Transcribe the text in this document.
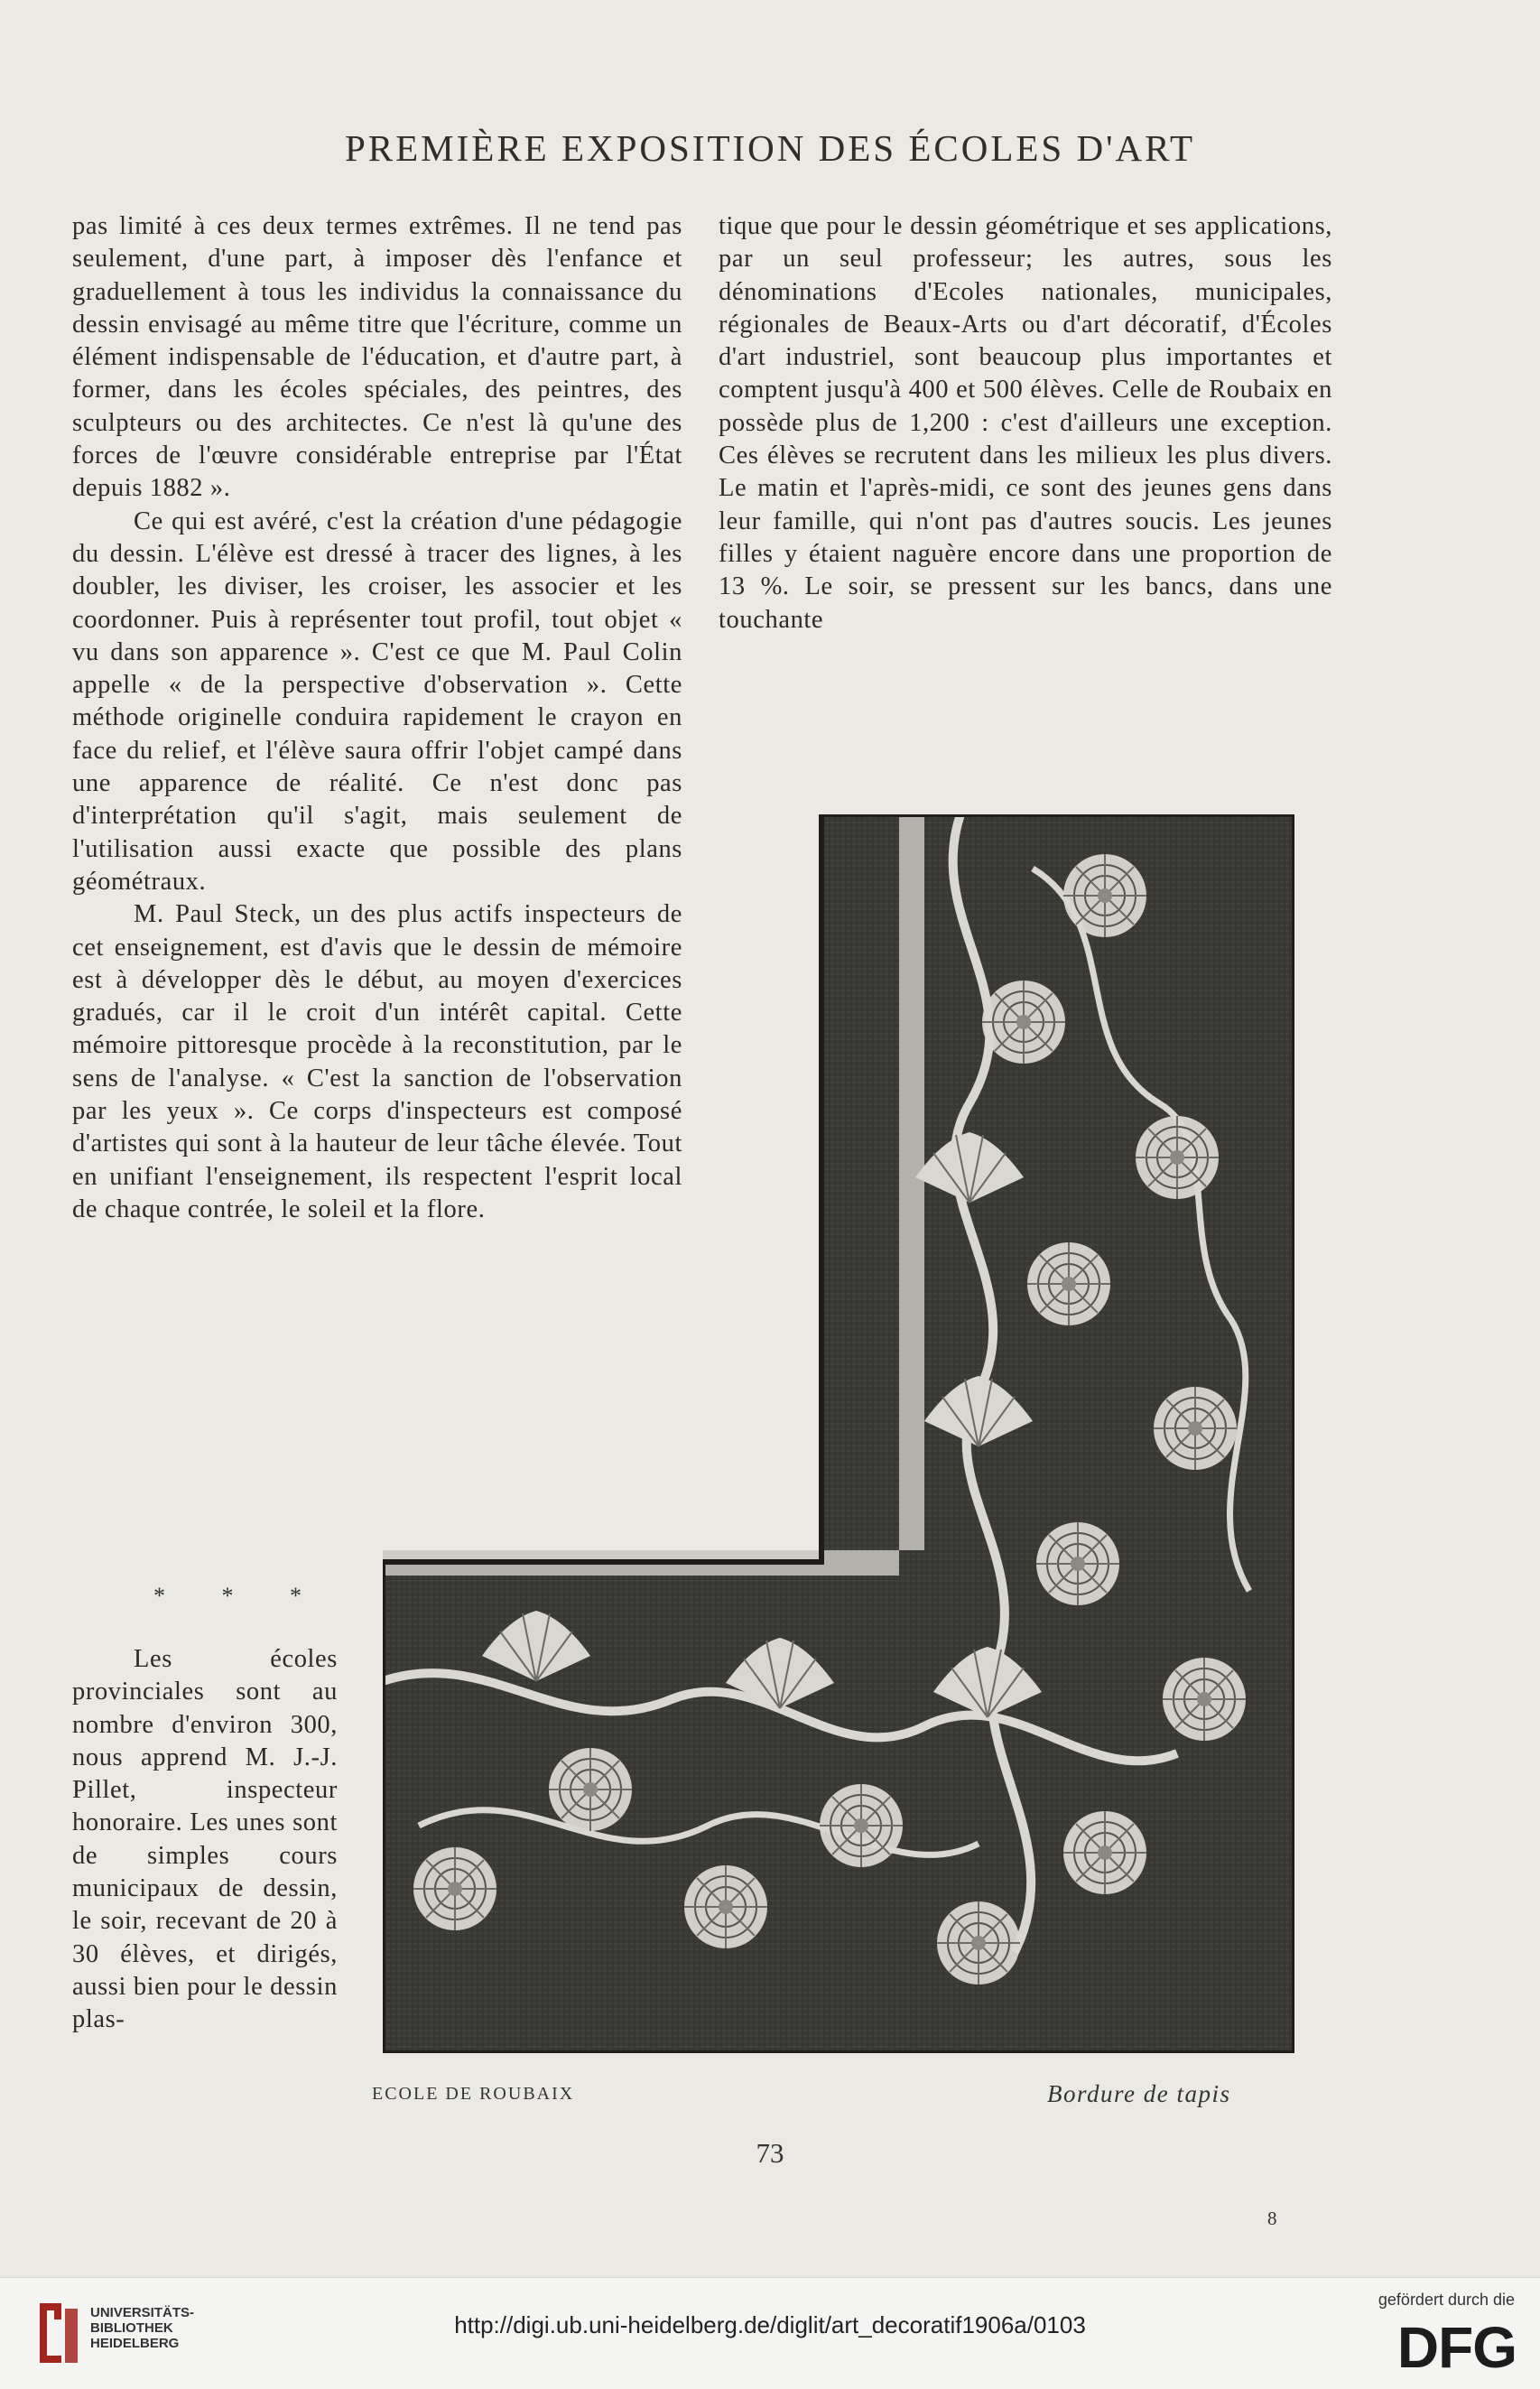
PREMIÈRE EXPOSITION DES ÉCOLES D'ART

pas limité à ces deux termes extrêmes. Il ne tend pas seulement, d'une part, à imposer dès l'enfance et graduellement à tous les individus la connaissance du dessin envisagé au même titre que l'écriture, comme un élément indispensable de l'éducation, et d'autre part, à former, dans les écoles spéciales, des peintres, des sculpteurs ou des architectes. Ce n'est là qu'une des forces de l'œuvre considérable entreprise par l'État depuis 1882 ».

Ce qui est avéré, c'est la création d'une pédagogie du dessin. L'élève est dressé à tracer des lignes, à les doubler, les diviser, les croiser, les associer et les coordonner. Puis à représenter tout profil, tout objet « vu dans son apparence ». C'est ce que M. Paul Colin appelle « de la perspective d'observation ». Cette méthode originelle conduira rapidement le crayon en face du relief, et l'élève saura offrir l'objet campé dans une apparence de réalité. Ce n'est donc pas d'interprétation qu'il s'agit, mais seulement de l'utilisation aussi exacte que possible des plans géométraux.

M. Paul Steck, un des plus actifs inspecteurs de cet enseignement, est d'avis que le dessin de mémoire est à développer dès le début, au moyen d'exercices gradués, car il le croit d'un intérêt capital. Cette mémoire pittoresque procède à la reconstitution, par le sens de l'analyse. « C'est la sanction de l'observation par les yeux ». Ce corps d'inspecteurs est composé d'artistes qui sont à la hauteur de leur tâche élevée. Tout en unifiant l'enseignement, ils respectent l'esprit local de chaque contrée, le soleil et la flore.

* * *

Les écoles provinciales sont au nombre d'environ 300, nous apprend M. J.-J. Pillet, inspecteur honoraire. Les unes sont de simples cours municipaux de dessin, le soir, recevant de 20 à 30 élèves, et dirigés, aussi bien pour le dessin plas-

tique que pour le dessin géométrique et ses applications, par un seul professeur; les autres, sous les dénominations d'Ecoles nationales, municipales, régionales de Beaux-Arts ou d'art décoratif, d'Écoles d'art industriel, sont beaucoup plus importantes et comptent jusqu'à 400 et 500 élèves. Celle de Roubaix en possède plus de 1,200 : c'est d'ailleurs une exception. Ces élèves se recrutent dans les milieux les plus divers. Le matin et l'après-midi, ce sont des jeunes gens dans leur famille, qui n'ont pas d'autres soucis. Les jeunes filles y étaient naguère encore dans une proportion de 13 %. Le soir, se pressent sur les bancs, dans une touchante

ECOLE DE ROUBAIX	Bordure de tapis
73
8
UNIVERSITÄTS-
BIBLIOTHEK
HEIDELBERG
http://digi.ub.uni-heidelberg.de/diglit/art_decoratif1906a/0103
gefördert durch die
DFG
